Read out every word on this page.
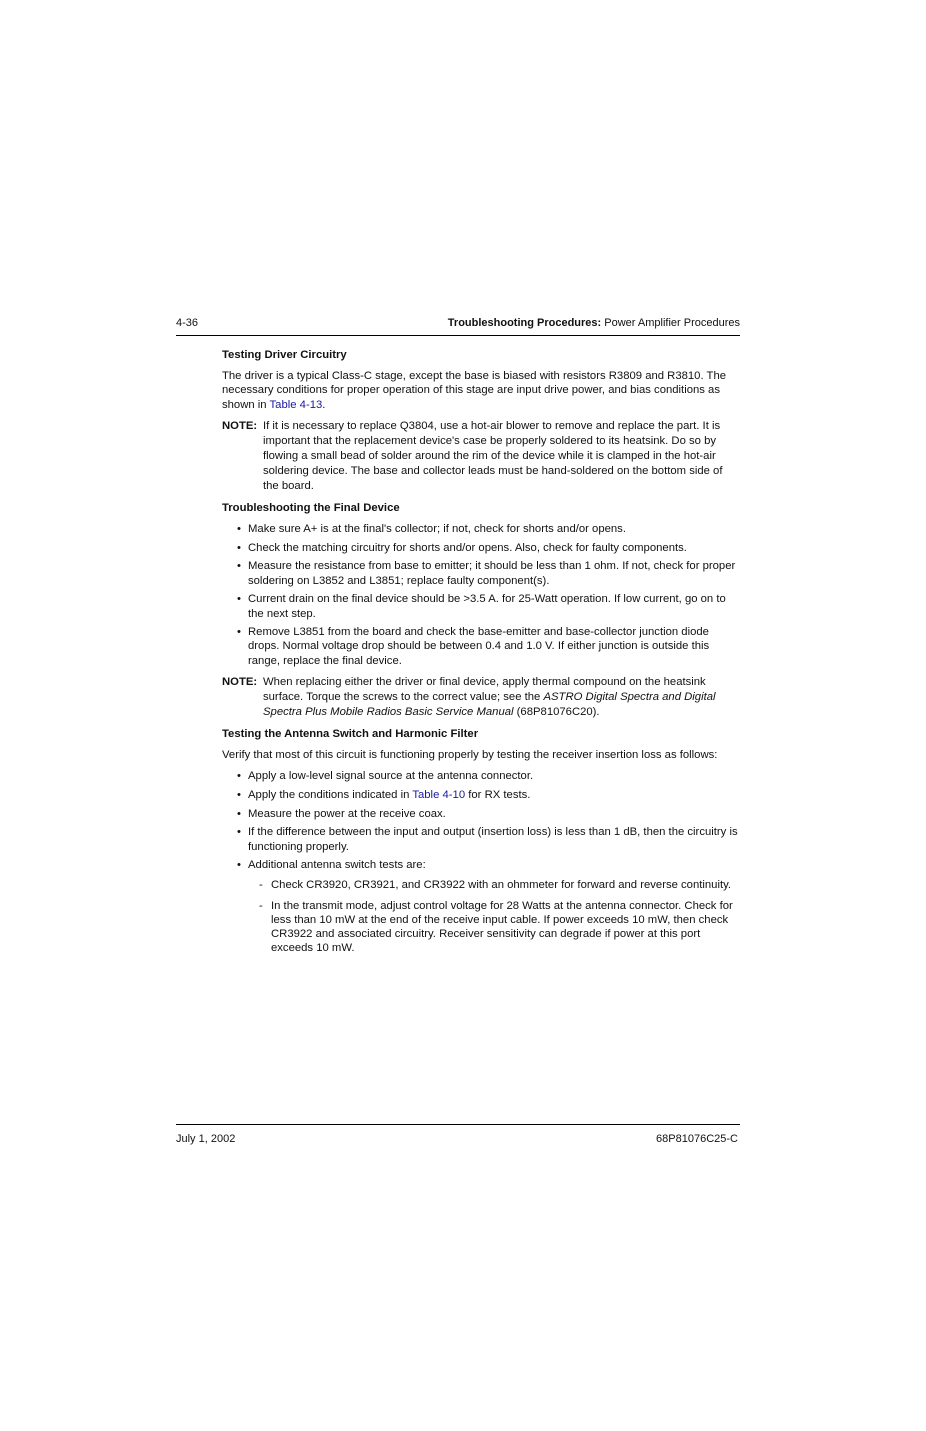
4-36	Troubleshooting Procedures: Power Amplifier Procedures
Testing Driver Circuitry

The driver is a typical Class-C stage, except the base is biased with resistors R3809 and R3810. The necessary conditions for proper operation of this stage are input drive power, and bias conditions as shown in Table 4-13.

NOTE: If it is necessary to replace Q3804, use a hot-air blower to remove and replace the part. It is important that the replacement device's case be properly soldered to its heatsink. Do so by flowing a small bead of solder around the rim of the device while it is clamped in the hot-air soldering device. The base and collector leads must be hand-soldered on the bottom side of the board.
Troubleshooting the Final Device
• Make sure A+ is at the final's collector; if not, check for shorts and/or opens.
• Check the matching circuitry for shorts and/or opens. Also, check for faulty components.
• Measure the resistance from base to emitter; it should be less than 1 ohm. If not, check for proper soldering on L3852 and L3851; replace faulty component(s).
• Current drain on the final device should be >3.5 A. for 25-Watt operation. If low current, go on to the next step.
• Remove L3851 from the board and check the base-emitter and base-collector junction diode drops. Normal voltage drop should be between 0.4 and 1.0 V. If either junction is outside this range, replace the final device.
NOTE: When replacing either the driver or final device, apply thermal compound on the heatsink surface. Torque the screws to the correct value; see the ASTRO Digital Spectra and Digital Spectra Plus Mobile Radios Basic Service Manual (68P81076C20).
Testing the Antenna Switch and Harmonic Filter

Verify that most of this circuit is functioning properly by testing the receiver insertion loss as follows:

• Apply a low-level signal source at the antenna connector.
• Apply the conditions indicated in Table 4-10 for RX tests.
• Measure the power at the receive coax.
• If the difference between the input and output (insertion loss) is less than 1 dB, then the circuitry is functioning properly.
• Additional antenna switch tests are:
- Check CR3920, CR3921, and CR3922 with an ohmmeter for forward and reverse continuity.
- In the transmit mode, adjust control voltage for 28 Watts at the antenna connector. Check for less than 10 mW at the end of the receive input cable. If power exceeds 10 mW, then check CR3922 and associated circuitry. Receiver sensitivity can degrade if power at this port exceeds 10 mW.
July 1, 2002	68P81076C25-C
